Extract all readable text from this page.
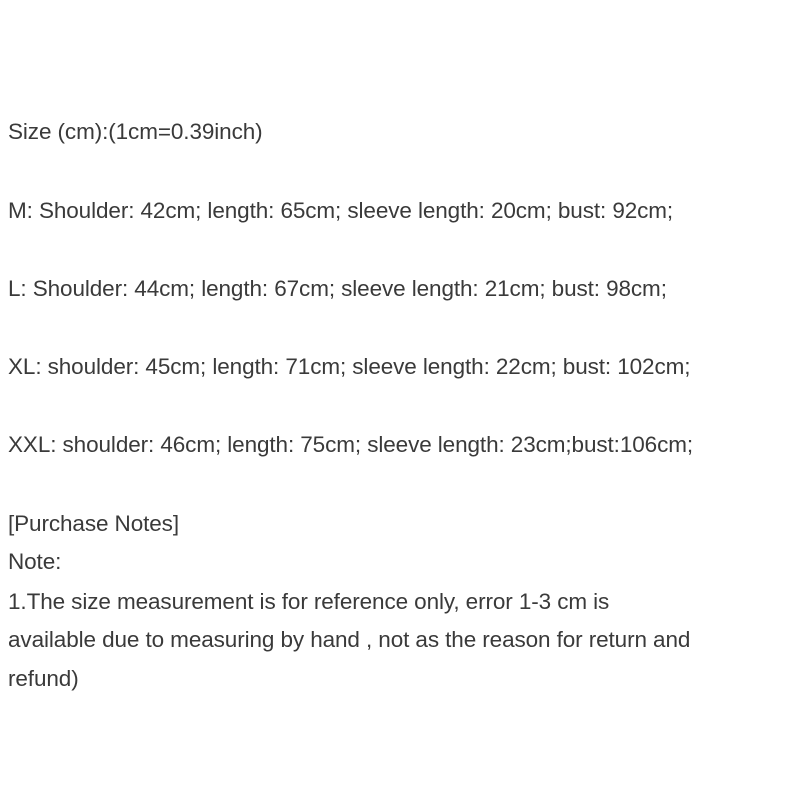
Size (cm):(1cm=0.39inch)
M: Shoulder: 42cm; length: 65cm; sleeve length: 20cm; bust: 92cm;
L: Shoulder: 44cm; length: 67cm; sleeve length: 21cm; bust: 98cm;
XL: shoulder: 45cm; length: 71cm; sleeve length: 22cm; bust: 102cm;
XXL: shoulder: 46cm; length: 75cm; sleeve length: 23cm;bust:106cm;
[Purchase Notes]
Note:
1.The size measurement is for reference only, error 1-3 cm is
available due to measuring by hand , not as the reason for return and
refund)
